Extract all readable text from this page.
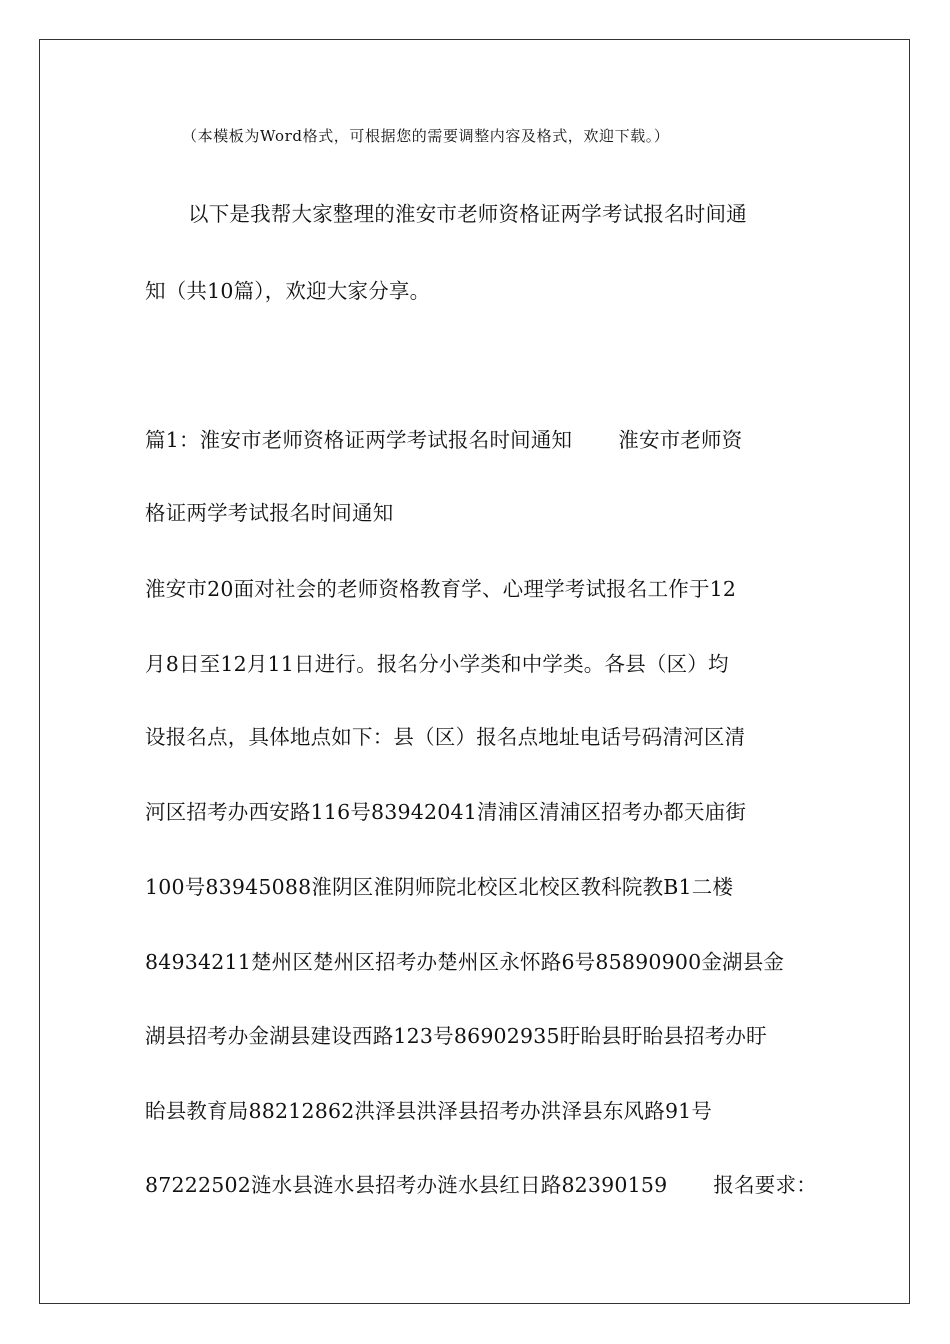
（本模板为Word格式，可根据您的需要调整内容及格式，欢迎下载。）
以下是我帮大家整理的淮安市老师资格证两学考试报名时间通
知（共10篇），欢迎大家分享。
篇1：淮安市老师资格证两学考试报名时间通知 淮安市老师资
格证两学考试报名时间通知
淮安市20面对社会的老师资格教育学、心理学考试报名工作于12
月8日至12月11日进行。报名分小学类和中学类。各县（区）均
设报名点，具体地点如下：县（区）报名点地址电话号码清河区清
河区招考办西安路116号83942041清浦区清浦区招考办都天庙街
100号83945088淮阴区淮阴师院北校区北校区教科院教B1二楼
84934211楚州区楚州区招考办楚州区永怀路6号85890900金湖县金
湖县招考办金湖县建设西路123号86902935盱眙县盱眙县招考办盱
眙县教育局88212862洪泽县洪泽县招考办洪泽县东风路91号
87222502涟水县涟水县招考办涟水县红日路82390159 报名要求：
